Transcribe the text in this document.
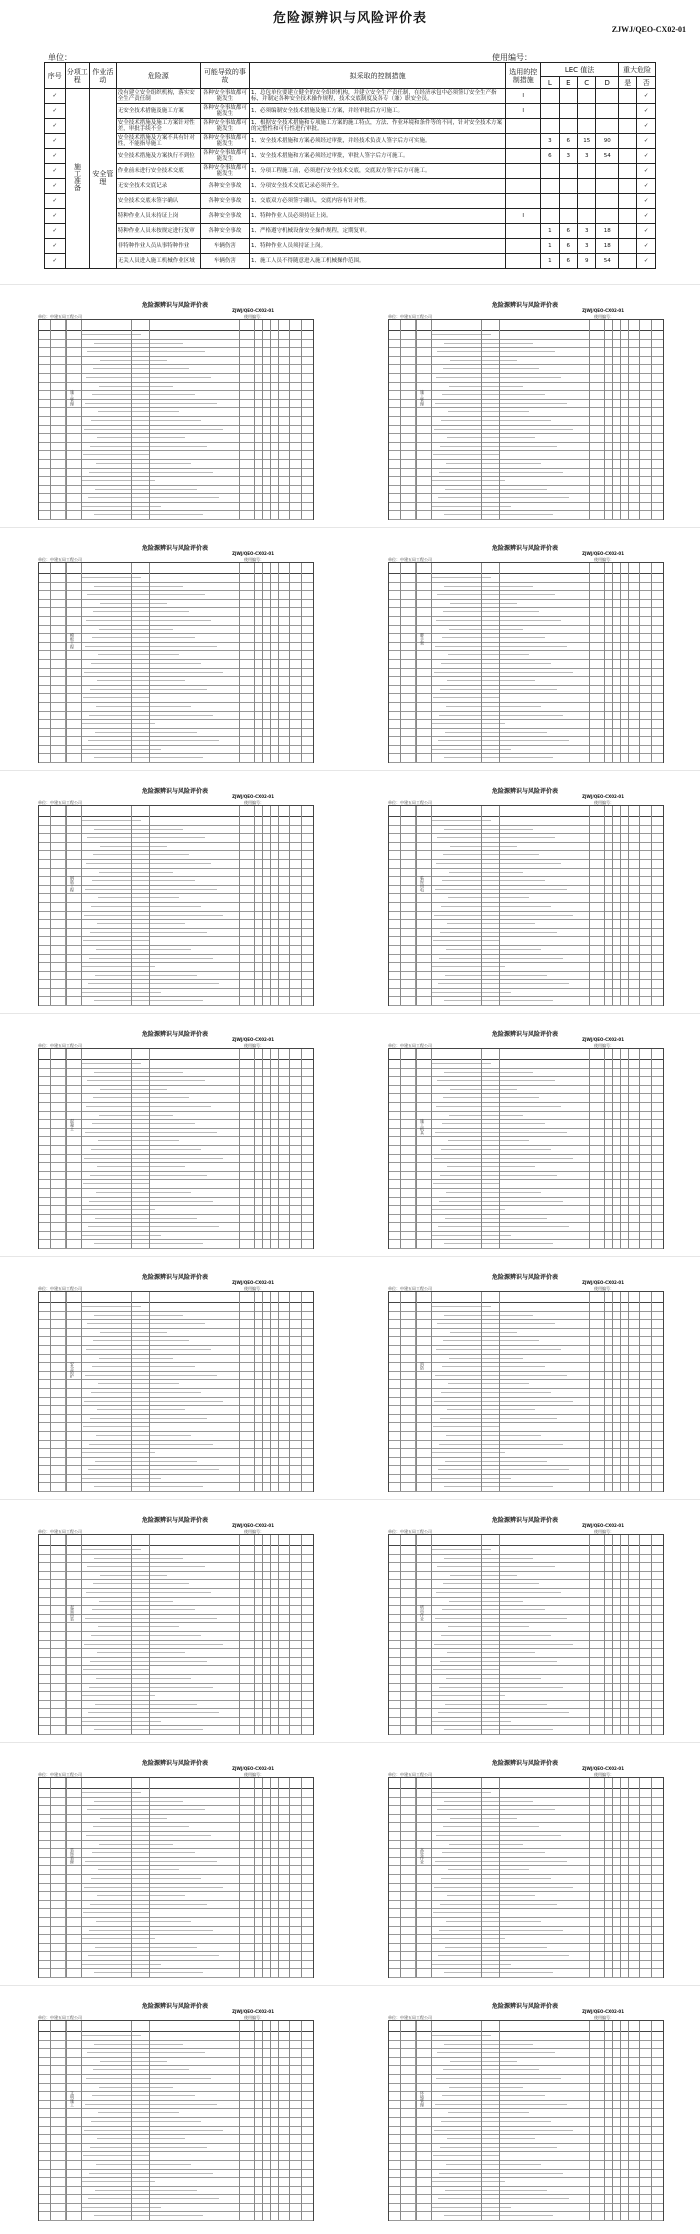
危险源辨识与风险评价表
ZJWJ/QEO-CX02-01
单位：	使用编号：
序号	分项工程	作业活动	危险源	可能导致的事故	拟采取的控制措施	选用的控制措施	LEC 值法				重大危险	
							L	E	C	D	是	否
✓	施工准备	安全管理	没有建立安全组织机构，落实安全生产责任制	各种安全事故都可能发生	1、总包单位要建立健全的安全组织机构，并建立安全生产责任制，在经济承包中必须签订安全生产指标，并制定各种安全技术操作规程，技术交底制度及各专（兼）职安全员。	Ⅰ						✓
✓			无安全技术措施及施工方案	各种安全事故都可能发生	1、必须编制安全技术措施及施工方案，并经审批后方可施工。	Ⅰ						✓
✓			安全技术措施及施工方案针对性差，审批手续不全	各种安全事故都可能发生	1、根据安全技术措施和专项施工方案的施工特点，方法、作业环境和条件等的不同，针对安全技术方案的完整性和可行性进行审批。							✓
✓			安全技术措施及方案不具有针对性，不能指导施工	各种安全事故都可能发生	1、安全技术措施和方案必须经过审批，并经技术负责人签字后方可实施。		3	6	15	90		✓
✓			安全技术措施及方案执行不到位	各种安全事故都可能发生	1、安全技术措施和方案必须经过审批，审批人签字后方可施工。		6	3	3	54		✓
✓			作业前未进行安全技术交底	各种安全事故都可能发生	1、分项工程施工前，必须进行安全技术交底，交底双方签字后方可施工。							✓
✓			无安全技术交底记录	各种安全事故	1、分项安全技术交底记录必须齐全。							✓
✓			安全技术交底未签字确认	各种安全事故	1、交底双方必须签字确认，交底内容有针对性。							✓
✓			特种作业人员未持证上岗	各种安全事故	1、特种作业人员必须持证上岗。	Ⅰ						✓
✓			特种作业人员未按规定进行复审	各种安全事故	1、严格遵守机械设备安全操作规程，定期复审。		1	6	3	18		✓
✓			非特种作业人员从事特种作业	车辆伤害	1、特种作业人员须持证上岗。		1	6	3	18		✓
✓			无关人员进入施工机械作业区域	车辆伤害	1、施工人员不得随意进入施工机械操作范围。		1	6	9	54		✓
危险源辨识与风险评价表
ZJWJ/QEO-CX02-01
单位：中建五局工程公司	使用编号：
施工管理
危险源辨识与风险评价表
ZJWJ/QEO-CX02-01
单位：中建五局工程公司	使用编号：
施工管理
危险源辨识与风险评价表
ZJWJ/QEO-CX02-01
单位：中建五局工程公司	使用编号：
模板工程
危险源辨识与风险评价表
ZJWJ/QEO-CX02-01
单位：中建五局工程公司	使用编号：
脚手架
危险源辨识与风险评价表
ZJWJ/QEO-CX02-01
单位：中建五局工程公司	使用编号：
钢筋工程
危险源辨识与风险评价表
ZJWJ/QEO-CX02-01
单位：中建五局工程公司	使用编号：
临时用电
危险源辨识与风险评价表
ZJWJ/QEO-CX02-01
单位：中建五局工程公司	使用编号：
混凝土
危险源辨识与风险评价表
ZJWJ/QEO-CX02-01
单位：中建五局工程公司	使用编号：
施工机具
危险源辨识与风险评价表
ZJWJ/QEO-CX02-01
单位：中建五局工程公司	使用编号：
安全防护
危险源辨识与风险评价表
ZJWJ/QEO-CX02-01
单位：中建五局工程公司	使用编号：
消防
危险源辨识与风险评价表
ZJWJ/QEO-CX02-01
单位：中建五局工程公司	使用编号：
起重吊装
危险源辨识与风险评价表
ZJWJ/QEO-CX02-01
单位：中建五局工程公司	使用编号：
塔吊作业
危险源辨识与风险评价表
ZJWJ/QEO-CX02-01
单位：中建五局工程公司	使用编号：
装饰装修
危险源辨识与风险评价表
ZJWJ/QEO-CX02-01
单位：中建五局工程公司	使用编号：
高处作业
危险源辨识与风险评价表
ZJWJ/QEO-CX02-01
单位：中建五局工程公司	使用编号：
文明施工
危险源辨识与风险评价表
ZJWJ/QEO-CX02-01
单位：中建五局工程公司	使用编号：
环境管理
